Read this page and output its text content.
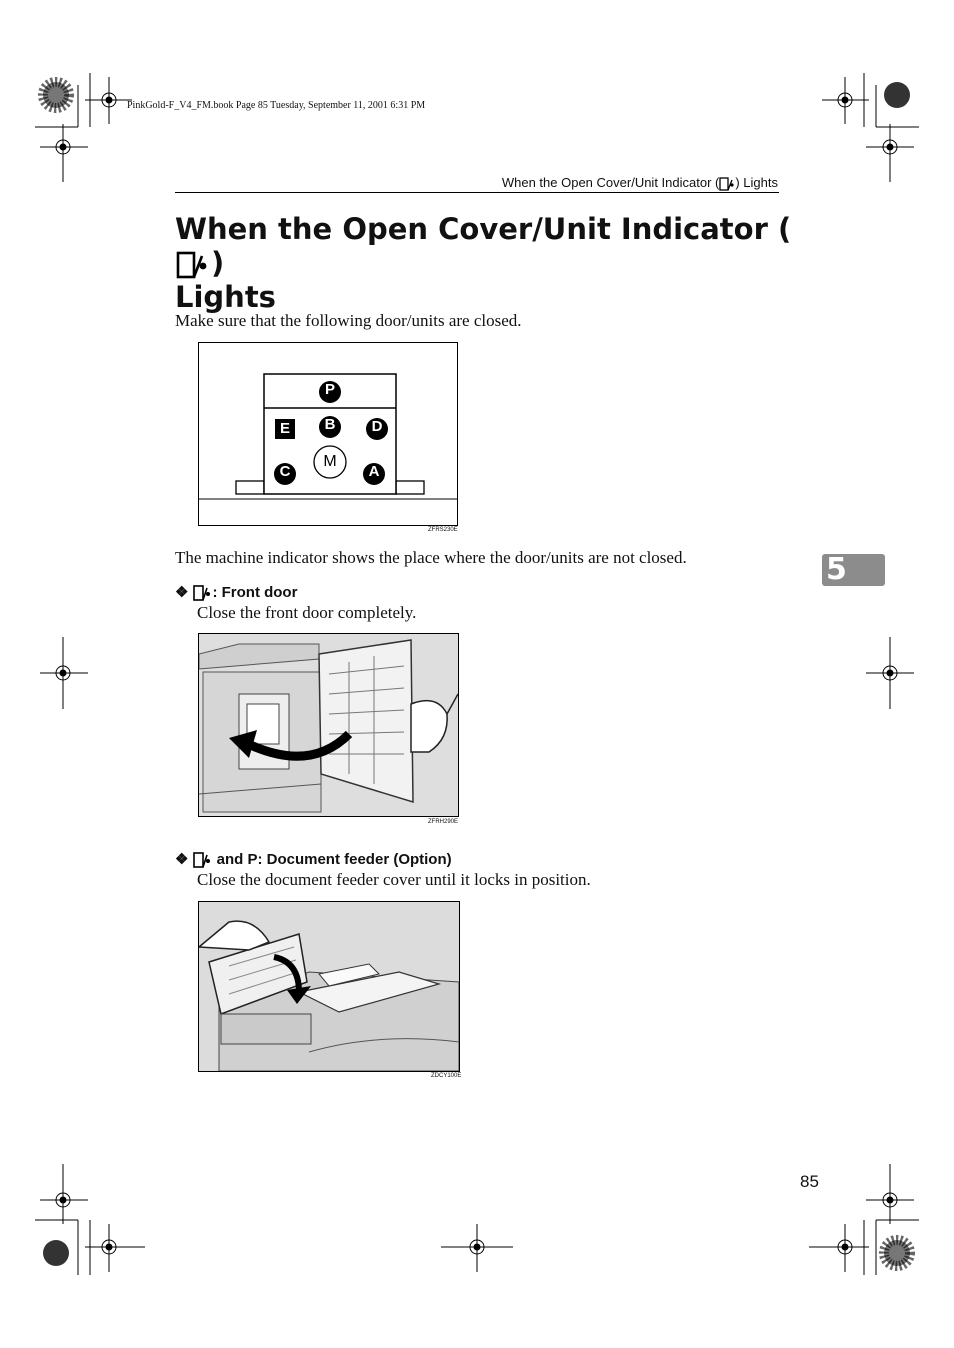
PinkGold-F_V4_FM.book Page 85 Tuesday, September 11, 2001 6:31 PM
When the Open Cover/Unit Indicator ( ) Lights
When the Open Cover/Unit Indicator ()
Lights
Make sure that the following door/units are closed.
P
B
M
E	D
C	A
ZFRS230E
The machine indicator shows the place where the door/units are not closed.	5
❖ : Front door
Close the front door completely.
ZFRH290E
❖  and P: Document feeder (Option)
Close the document feeder cover until it locks in position.
ZDCY100E
85
